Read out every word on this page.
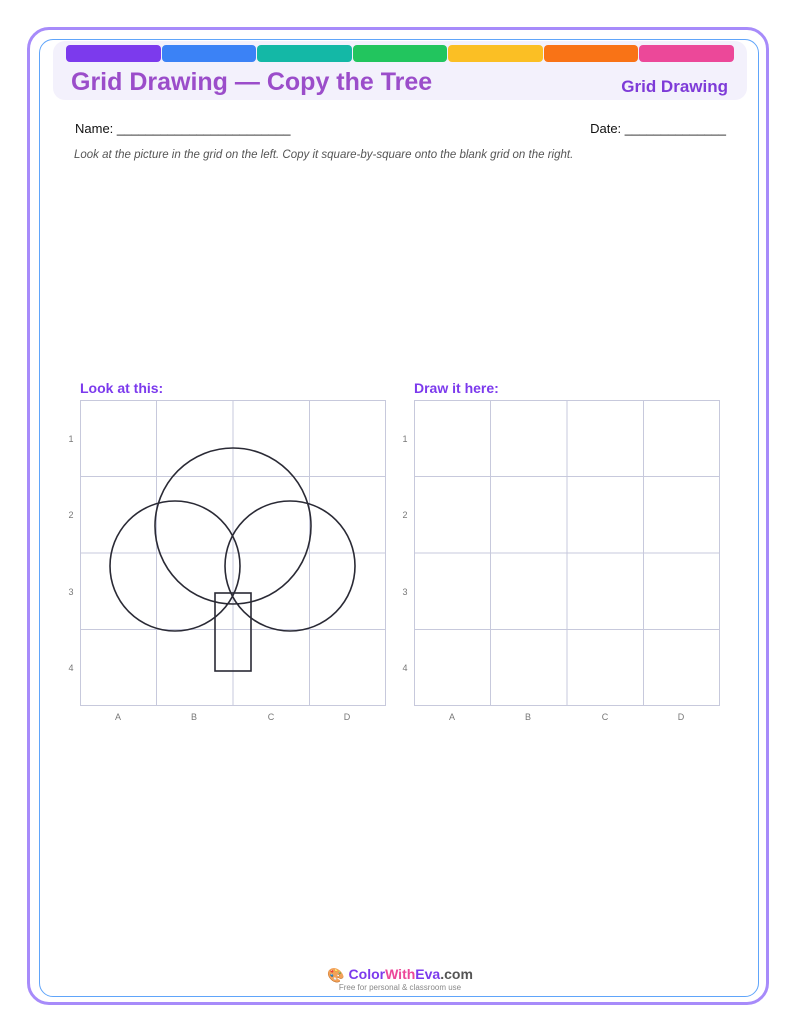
Grid Drawing — Copy the Tree	Grid Drawing
Name: ________________________	Date: ______________
Look at the picture in the grid on the left. Copy it square-by-square onto the blank grid on the right.
Look at this:	Draw it here:
1
2
3
4
1
2
3
4
A	B	C	D	A	B	C	D
🎨 ColorWithEva.com
Free for personal & classroom use
